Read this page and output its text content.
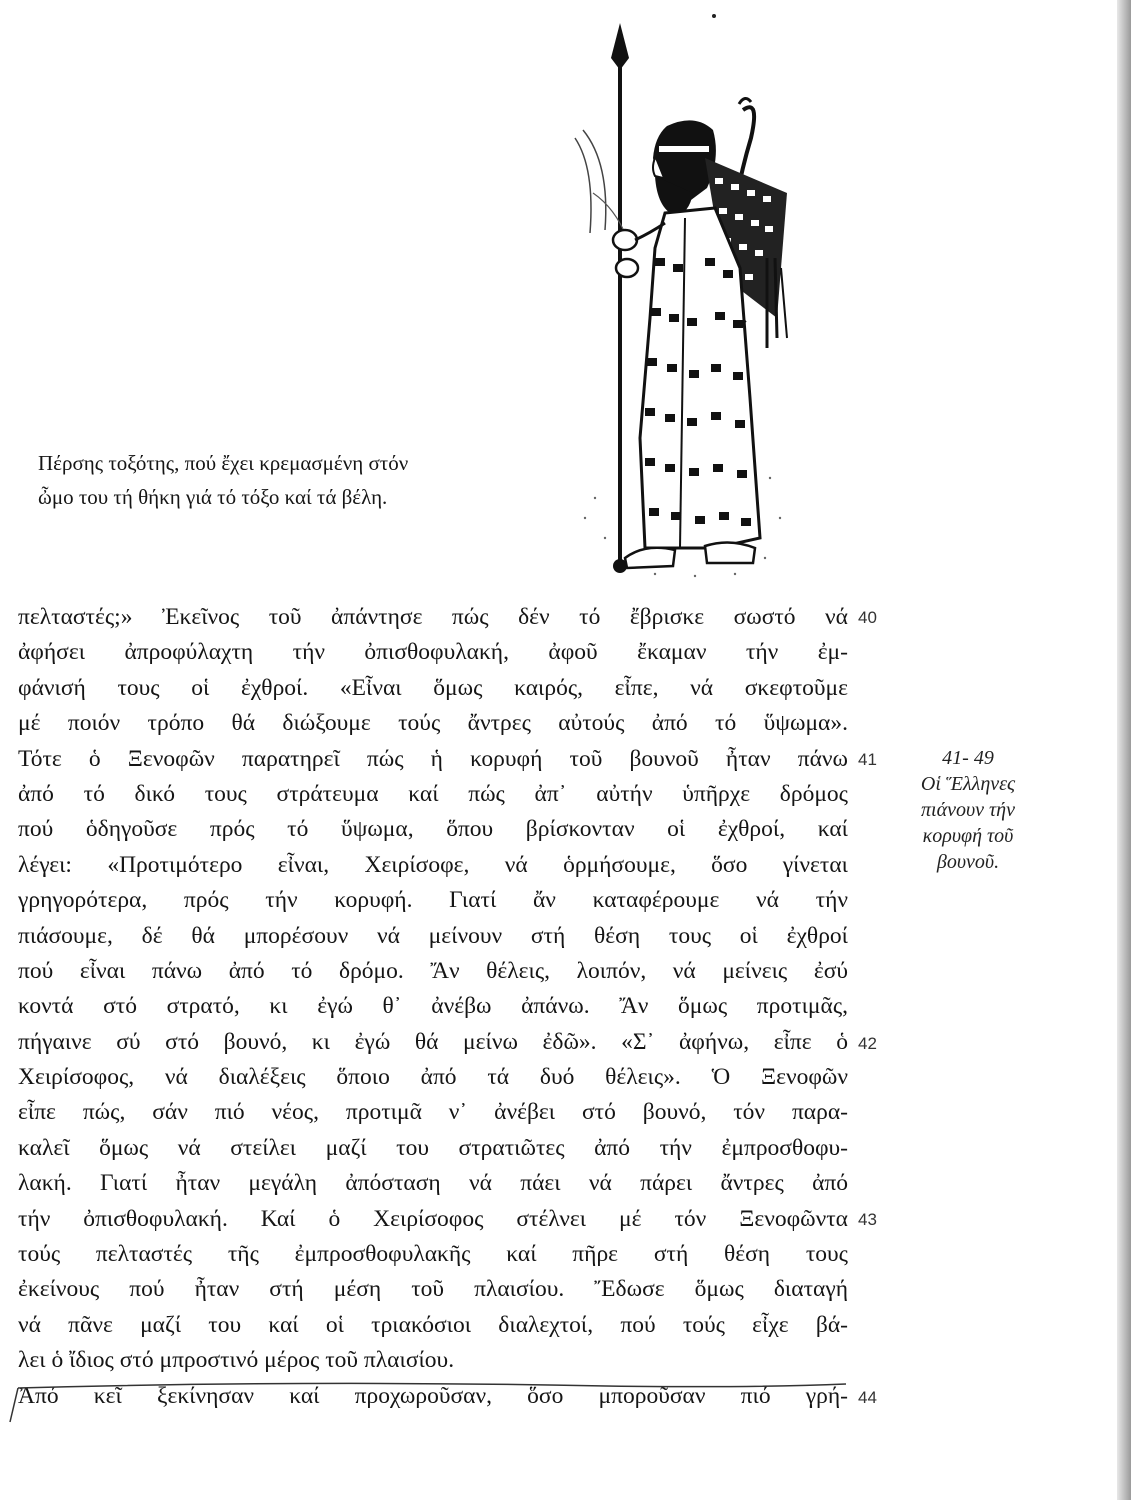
Πέρσης τοξότης, πού ἔχει κρεμασμένη στόν
ὦμο του τή θήκη γιά τό τόξο καί τά βέλη.
πελταστές;» Ἐκεῖνος τοῦ ἀπάντησε πώς δέν τό ἔβρισκε σωστό νά
ἀφήσει ἀπροφύλαχτη τήν ὀπισθοφυλακή, ἀφοῦ ἔκαμαν τήν ἐμ-
φάνισή τους οἱ ἐχθροί. «Εἶναι ὅμως καιρός, εἶπε, νά σκεφτοῦμε
μέ ποιόν τρόπο θά διώξουμε τούς ἄντρες αὐτούς ἀπό τό ὕψωμα».
Τότε ὁ Ξενοφῶν παρατηρεῖ πώς ἡ κορυφή τοῦ βουνοῦ ἦταν πάνω
ἀπό τό δικό τους στράτευμα καί πώς ἀπ᾽ αὐτήν ὑπῆρχε δρόμος
πού ὁδηγοῦσε πρός τό ὕψωμα, ὅπου βρίσκονταν οἱ ἐχθροί, καί
λέγει: «Προτιμότερο εἶναι, Χειρίσοφε, νά ὁρμήσουμε, ὅσο γίνεται
γρηγορότερα, πρός τήν κορυφή. Γιατί ἄν καταφέρουμε νά τήν
πιάσουμε, δέ θά μπορέσουν νά μείνουν στή θέση τους οἱ ἐχθροί
πού εἶναι πάνω ἀπό τό δρόμο. Ἄν θέλεις, λοιπόν, νά μείνεις ἐσύ
κοντά στό στρατό, κι ἐγώ θ᾽ ἀνέβω ἀπάνω. Ἄν ὅμως προτιμᾶς,
πήγαινε σύ στό βουνό, κι ἐγώ θά μείνω ἐδῶ». «Σ᾽ ἀφήνω, εἶπε ὁ
Χειρίσοφος, νά διαλέξεις ὅποιο ἀπό τά δυό θέλεις». Ὁ Ξενοφῶν
εἶπε πώς, σάν πιό νέος, προτιμᾶ ν᾽ ἀνέβει στό βουνό, τόν παρα-
καλεῖ ὅμως νά στείλει μαζί του στρατιῶτες ἀπό τήν ἐμπροσθοφυ-
λακή. Γιατί ἦταν μεγάλη ἀπόσταση νά πάει νά πάρει ἄντρες ἀπό
τήν ὀπισθοφυλακή. Καί ὁ Χειρίσοφος στέλνει μέ τόν Ξενοφῶντα
τούς πελταστές τῆς ἐμπροσθοφυλακῆς καί πῆρε στή θέση τους
ἐκείνους πού ἦταν στή μέση τοῦ πλαισίου. Ἔδωσε ὅμως διαταγή
νά πᾶνε μαζί του καί οἱ τριακόσιοι διαλεχτοί, πού τούς εἶχε βά-
λει ὁ ἴδιος στό μπροστινό μέρος τοῦ πλαισίου.
Ἀπό κεῖ ξεκίνησαν καί προχωροῦσαν, ὅσο μποροῦσαν πιό γρή-
40
41
42
43
44
41- 49
Οἱ Ἕλληνες
πιάνουν τήν
κορυφή τοῦ
βουνοῦ.
